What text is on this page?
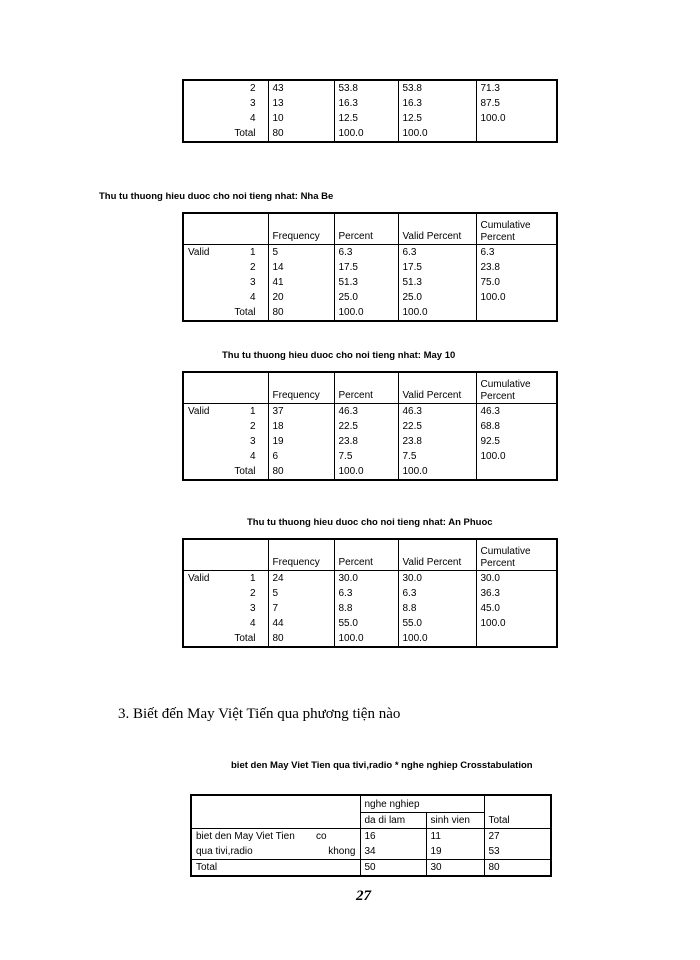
2	43	53.8	53.8	71.3
3	13	16.3	16.3	87.5
4	10	12.5	12.5	100.0
Total	80	100.0	100.0	
Thu tu thuong hieu duoc cho noi tieng nhat: Nha Be
		Frequency	Percent	Valid Percent	Cumulative Percent
Valid	1	5	6.3	6.3	6.3
	2	14	17.5	17.5	23.8
	3	41	51.3	51.3	75.0
	4	20	25.0	25.0	100.0
	Total	80	100.0	100.0	
Thu tu thuong hieu duoc cho noi tieng nhat: May 10
		Frequency	Percent	Valid Percent	Cumulative Percent
Valid	1	37	46.3	46.3	46.3
	2	18	22.5	22.5	68.8
	3	19	23.8	23.8	92.5
	4	6	7.5	7.5	100.0
	Total	80	100.0	100.0	
Thu tu thuong hieu duoc cho noi tieng nhat: An Phuoc
		Frequency	Percent	Valid Percent	Cumulative Percent
Valid	1	24	30.0	30.0	30.0
	2	5	6.3	6.3	36.3
	3	7	8.8	8.8	45.0
	4	44	55.0	55.0	100.0
	Total	80	100.0	100.0	
3. Biết đến May Việt Tiến qua phương tiện nào
biet den May Viet Tien qua tivi,radio * nghe nghiep Crosstabulation
		nghe nghiep		Total
		da di lam	sinh vien	
biet den May Viet Tien	co	16	11	27
qua tivi,radio	khong	34	19	53
Total		50	30	80
27
